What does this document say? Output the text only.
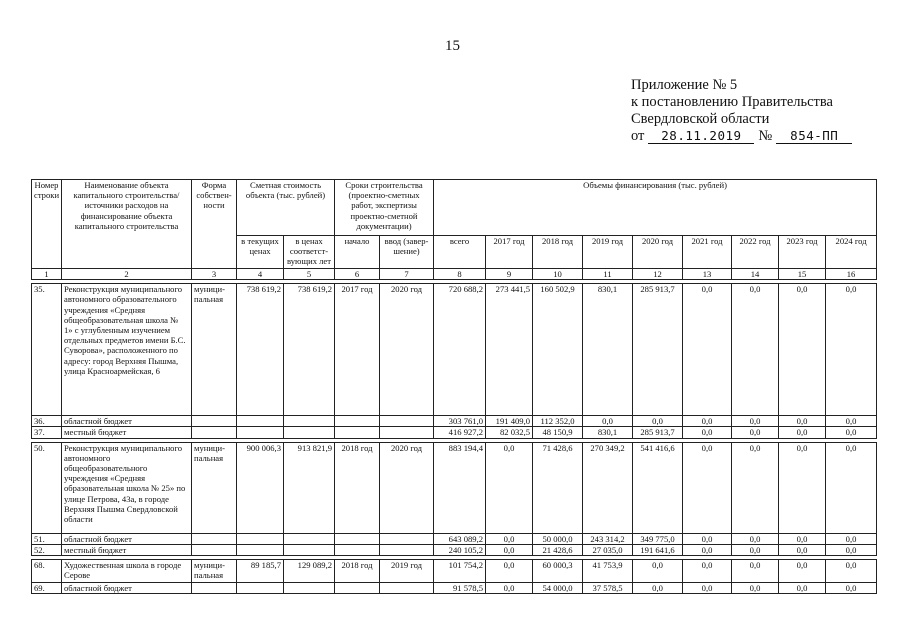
15
Приложение № 5
к постановлению Правительства
Свердловской области
от 28.11.2019 № 854-ПП
Номер строки	Наименование объекта капитального строительства/ источники расходов на финансирование объекта капитального строительства	Форма собствен-ности	Сметная стоимость объекта (тыс. рублей)		Сроки строительства (проектно-сметных работ, экспертизы проектно-сметной документации)		Объемы финансирования (тыс. рублей)								
			в текущих ценах	в ценах соответст-вующих лет	начало	ввод (завер-шение)	всего	2017 год	2018 год	2019 год	2020 год	2021 год	2022 год	2023 год	2024 год
1	2	3	4	5	6	7	8	9	10	11	12	13	14	15	16

35.	Реконструкция муниципального автономного образовательного учреждения «Средняя общеобразовательная школа № 1» с углубленным изучением отдельных предметов имени Б.С. Суворова», расположенного по адресу: город Верхняя Пышма, улица Красноармейская, 6	муници-пальная	738 619,2	738 619,2	2017 год	2020 год	720 688,2	273 441,5	160 502,9	830,1	285 913,7	0,0	0,0	0,0	0,0
36.	областной бюджет						303 761,0	191 409,0	112 352,0	0,0	0,0	0,0	0,0	0,0	0,0
37.	местный бюджет						416 927,2	82 032,5	48 150,9	830,1	285 913,7	0,0	0,0	0,0	0,0

50.	Реконструкция муниципального автономного общеобразовательного учреждения «Средняя образовательная школа № 25» по улице Петрова, 43а, в городе Верхняя Пышма Свердловской области	муници-пальная	900 006,3	913 821,9	2018 год	2020 год	883 194,4	0,0	71 428,6	270 349,2	541 416,6	0,0	0,0	0,0	0,0
51.	областной бюджет						643 089,2	0,0	50 000,0	243 314,2	349 775,0	0,0	0,0	0,0	0,0
52.	местный бюджет						240 105,2	0,0	21 428,6	27 035,0	191 641,6	0,0	0,0	0,0	0,0

68.	Художественная школа в городе Серове	муници-пальная	89 185,7	129 089,2	2018 год	2019 год	101 754,2	0,0	60 000,3	41 753,9	0,0	0,0	0,0	0,0	0,0
69.	областной бюджет						91 578,5	0,0	54 000,0	37 578,5	0,0	0,0	0,0	0,0	0,0
